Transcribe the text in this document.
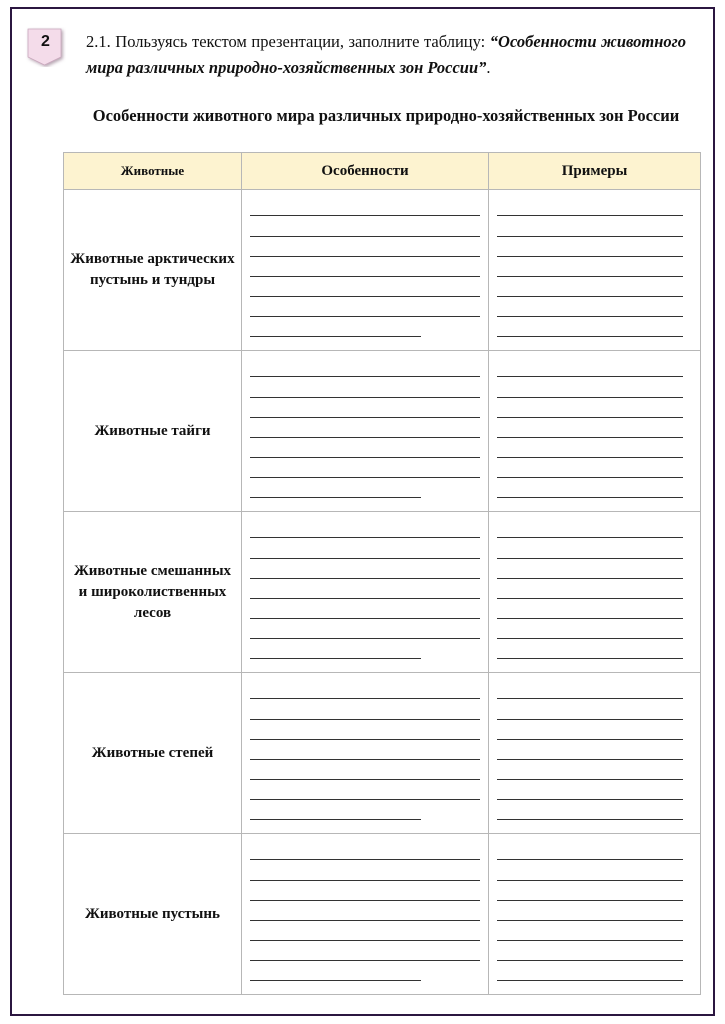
2	2.1. Пользуясь текстом презентации, заполните таблицу: “Особенности животного мира различных природно-хозяйственных зон России”.
Особенности животного мира различных природно-хозяйственных зон России
Животные	Особенности	Примеры
Животные арктических пустынь и тундры	

Животные тайги	

Животные смешанных и широколиственных лесов	

Животные степей	

Животные пустынь	
